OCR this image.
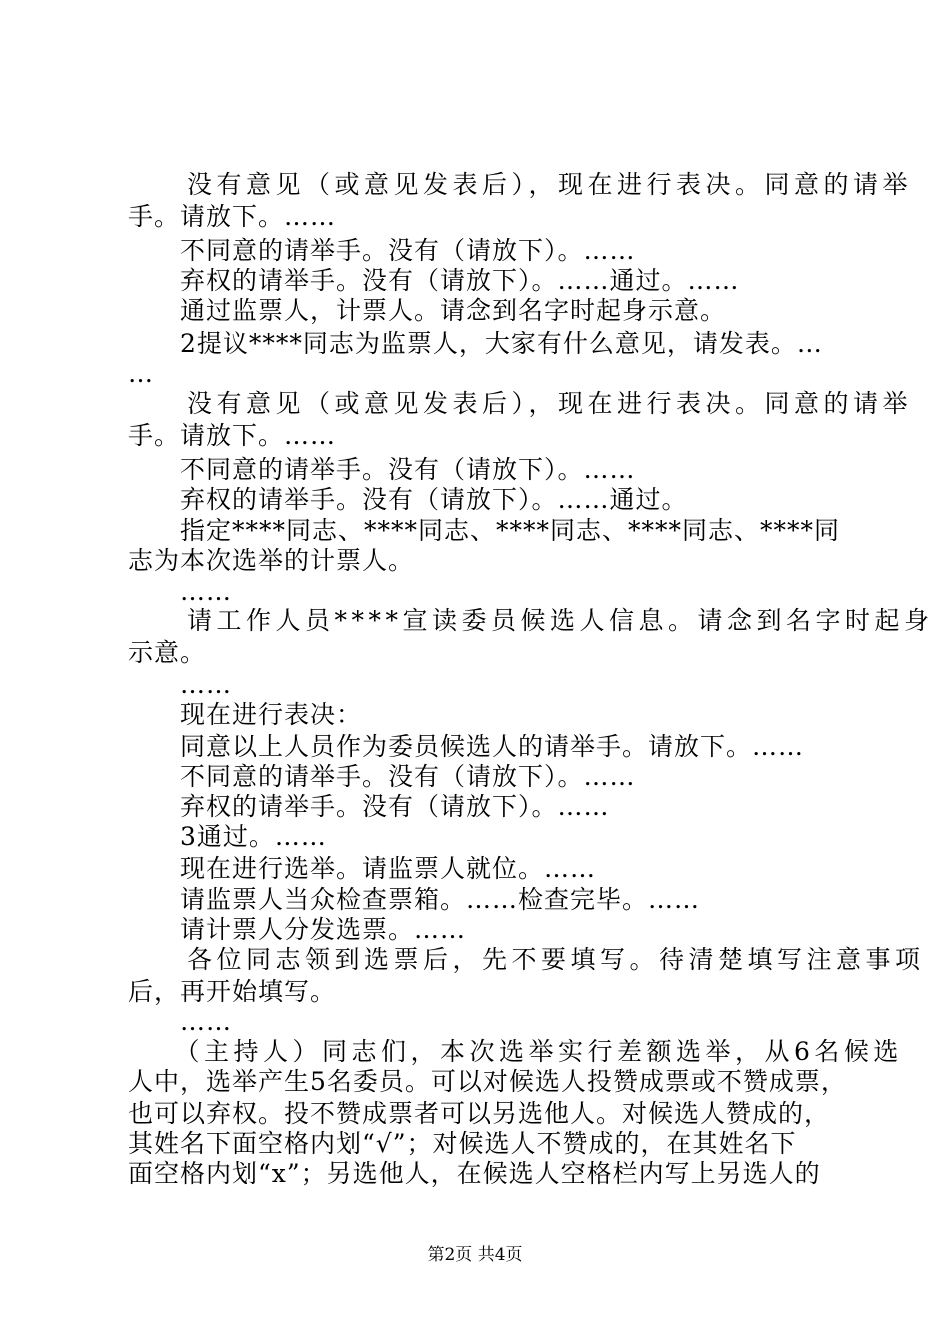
　　没有意见（或意见发表后），现在进行表决。同意的请举
手。请放下。……
　　不同意的请举手。没有（请放下）。……
　　弃权的请举手。没有（请放下）。……通过。……
　　通过监票人，计票人。请念到名字时起身示意。
　　2提议****同志为监票人，大家有什么意见，请发表。…
…
　　没有意见（或意见发表后），现在进行表决。同意的请举
手。请放下。……
　　不同意的请举手。没有（请放下）。……
　　弃权的请举手。没有（请放下）。……通过。
　　指定****同志、****同志、****同志、****同志、****同
志为本次选举的计票人。
　　……
　　请工作人员****宣读委员候选人信息。请念到名字时起身
示意。
　　……
　　现在进行表决：
　　同意以上人员作为委员候选人的请举手。请放下。……
　　不同意的请举手。没有（请放下）。……
　　弃权的请举手。没有（请放下）。……
　　3通过。……
　　现在进行选举。请监票人就位。……
　　请监票人当众检查票箱。……检查完毕。……
　　请计票人分发选票。……
　　各位同志领到选票后，先不要填写。待清楚填写注意事项
后，再开始填写。
　　……
　　（主持人）同志们，本次选举实行差额选举，从6名候选
人中，选举产生5名委员。可以对候选人投赞成票或不赞成票，
也可以弃权。投不赞成票者可以另选他人。对候选人赞成的，
其姓名下面空格内划“√”；对候选人不赞成的，在其姓名下
面空格内划“x”；另选他人，在候选人空格栏内写上另选人的
第2页 共4页
